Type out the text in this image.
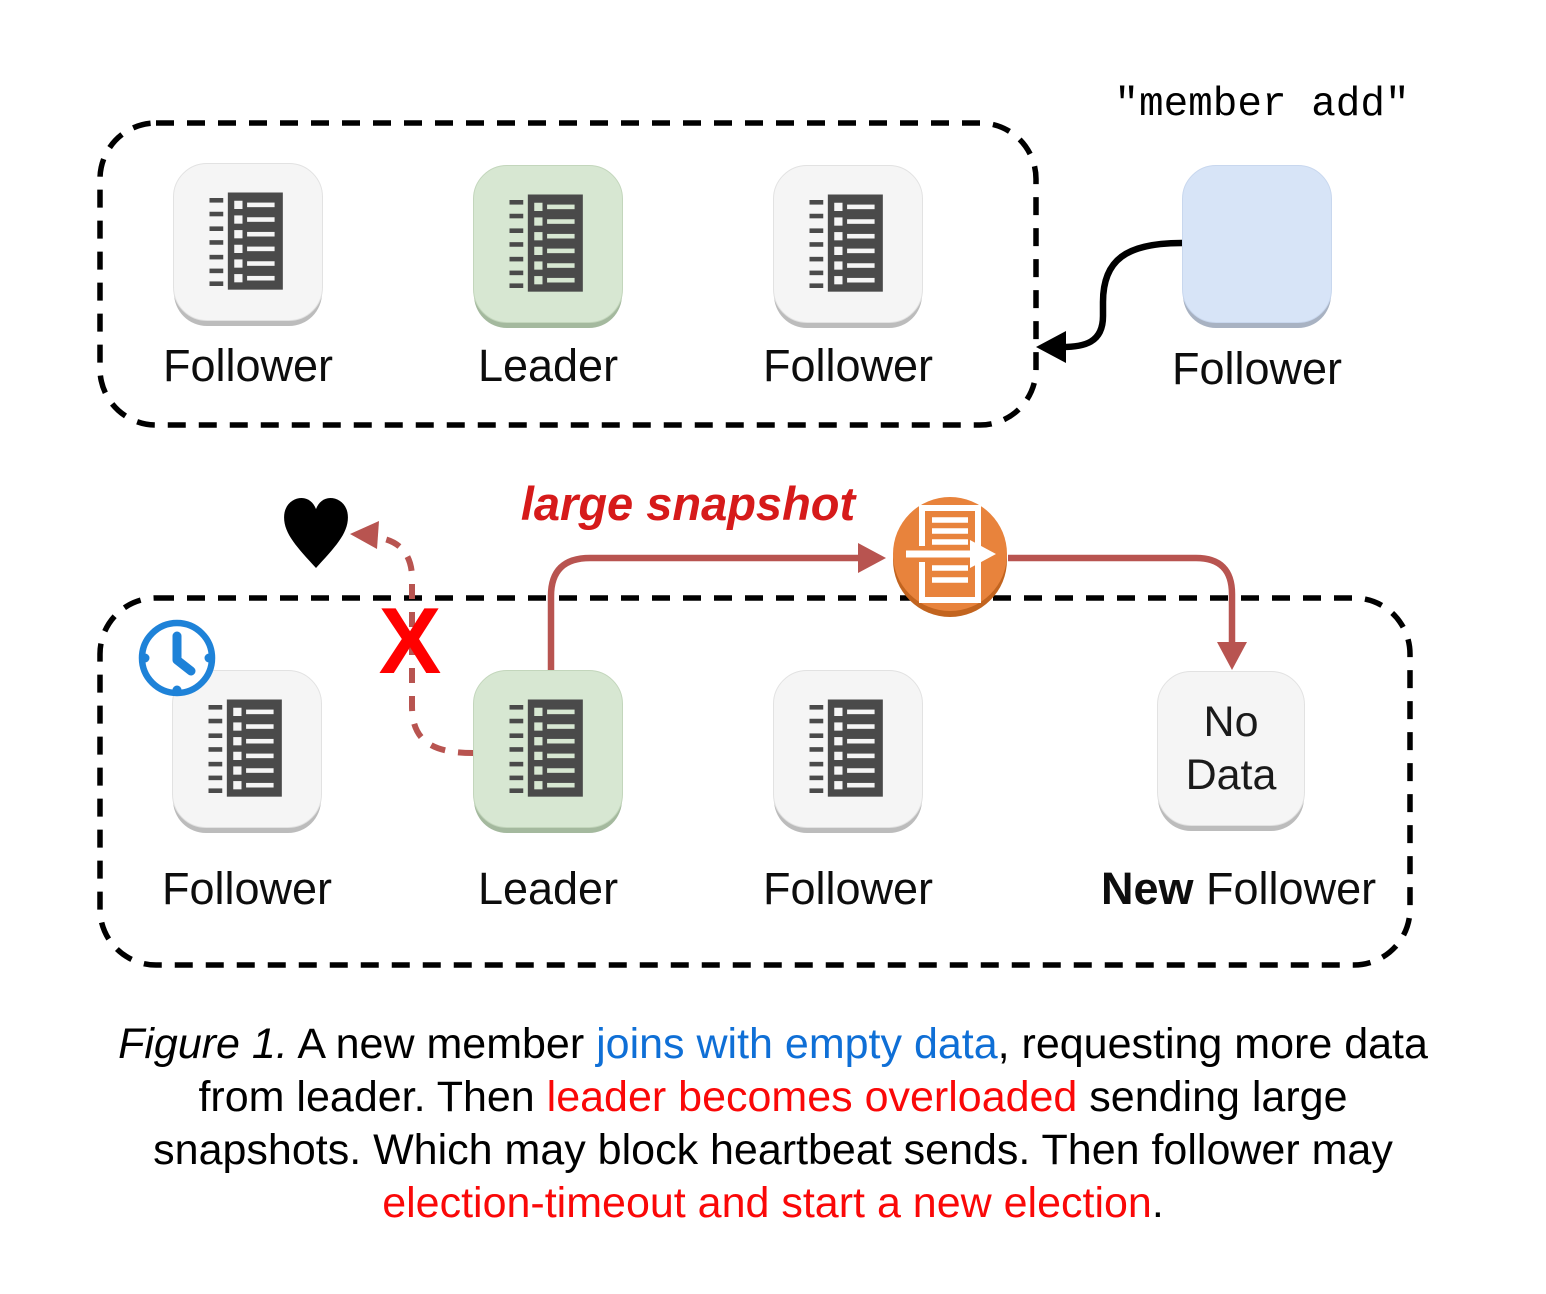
Follower	Leader	Follower	Follower
"member add"
large snapshot
X
No
Data
Follower	Leader	Follower	New Follower
Figure 1. A new member joins with empty data, requesting more data
from leader. Then leader becomes overloaded sending large
snapshots. Which may block heartbeat sends. Then follower may
election-timeout and start a new election.
